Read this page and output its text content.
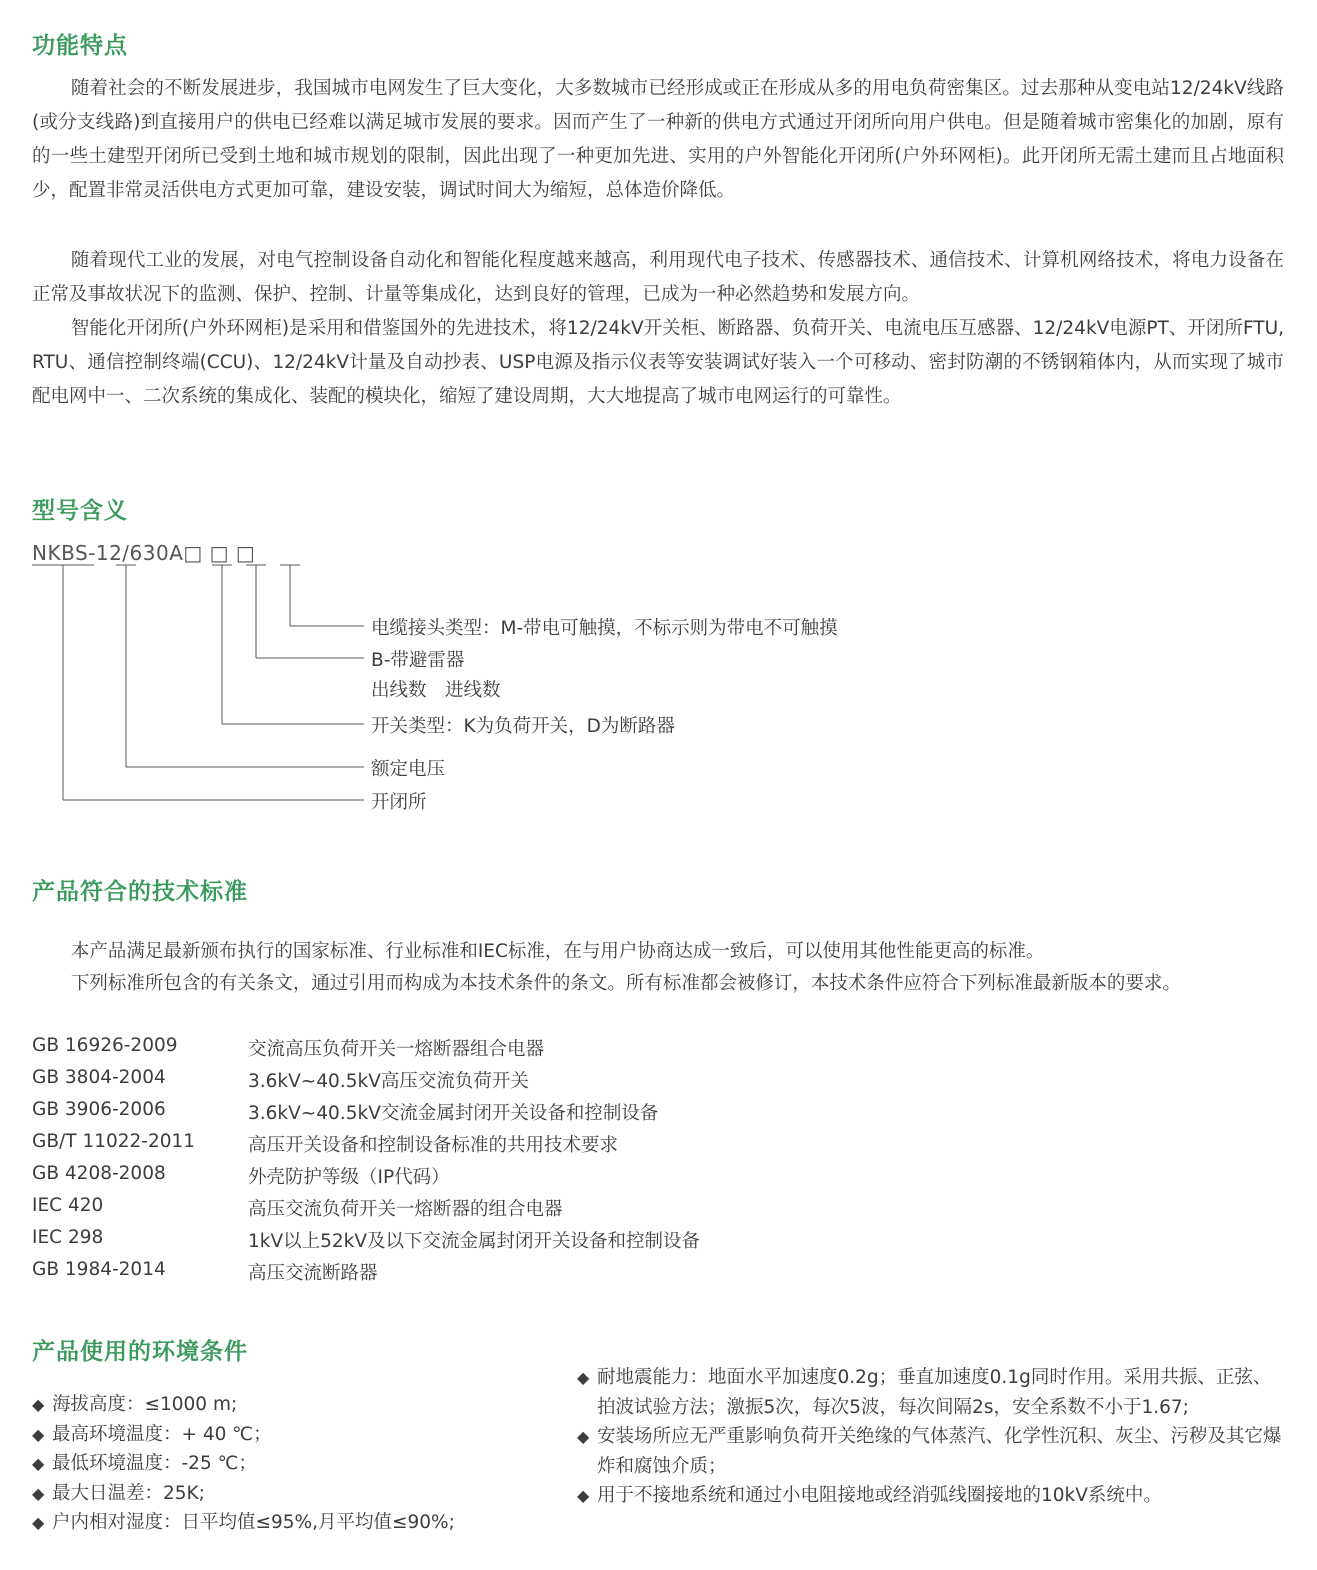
功能特点

随着社会的不断发展进步，我国城市电网发生了巨大变化，大多数城市已经形成或正在形成从多的用电负荷密集区。过去那种从变电站12/24kV线路(或分支线路)到直接用户的供电已经难以满足城市发展的要求。因而产生了一种新的供电方式通过开闭所向用户供电。但是随着城市密集化的加剧，原有的一些土建型开闭所已受到土地和城市规划的限制，因此出现了一种更加先进、实用的户外智能化开闭所(户外环网柜)。此开闭所无需土建而且占地面积少，配置非常灵活供电方式更加可靠，建设安装，调试时间大为缩短，总体造价降低。

随着现代工业的发展，对电气控制设备自动化和智能化程度越来越高，利用现代电子技术、传感器技术、通信技术、计算机网络技术，将电力设备在正常及事故状况下的监测、保护、控制、计量等集成化，达到良好的管理，已成为一种必然趋势和发展方向。

智能化开闭所(户外环网柜)是采用和借鉴国外的先进技术，将12/24kV开关柜、断路器、负荷开关、电流电压互感器、12/24kV电源PT、开闭所FTU, RTU、通信控制终端(CCU)、12/24kV计量及自动抄表、USP电源及指示仪表等安装调试好装入一个可移动、密封防潮的不锈钢箱体内，从而实现了城市配电网中一、二次系统的集成化、装配的模块化，缩短了建设周期，大大地提高了城市电网运行的可靠性。

型号含义

NKBS-12/630A□ □ □

电缆接头类型：M-带电可触摸，不标示则为带电不可触摸

B-带避雷器

出线数　进线数

开关类型：K为负荷开关，D为断路器

额定电压

开闭所

产品符合的技术标准

本产品满足最新颁布执行的国家标准、行业标准和IEC标准，在与用户协商达成一致后，可以使用其他性能更高的标准。

下列标准所包含的有关条文，通过引用而构成为本技术条件的条文。所有标准都会被修订，本技术条件应符合下列标准最新版本的要求。

GB 16926-2009	交流高压负荷开关一熔断器组合电器
GB 3804-2004	3.6kV~40.5kV高压交流负荷开关
GB 3906-2006	3.6kV~40.5kV交流金属封闭开关设备和控制设备
GB/T 11022-2011	高压开关设备和控制设备标准的共用技术要求
GB 4208-2008	外壳防护等级（IP代码）
IEC 420	高压交流负荷开关一熔断器的组合电器
IEC 298	1kV以上52kV及以下交流金属封闭开关设备和控制设备
GB 1984-2014	高压交流断路器
产品使用的环境条件

◆ 海拔高度：≤1000 m;

◆ 最高环境温度：+ 40 ℃；

◆ 最低环境温度：-25 ℃；

◆ 最大日温差：25K;

◆ 户内相对湿度：日平均值≤95%,月平均值≤90%;

◆ 耐地震能力：地面水平加速度0.2g；垂直加速度0.1g同时作用。采用共振、正弦、拍波试验方法；激振5次，每次5波，每次间隔2s，安全系数不小于1.67;

◆ 安装场所应无严重影响负荷开关绝缘的气体蒸汽、化学性沉积、灰尘、污秽及其它爆炸和腐蚀介质；

◆ 用于不接地系统和通过小电阻接地或经消弧线圈接地的10kV系统中。
